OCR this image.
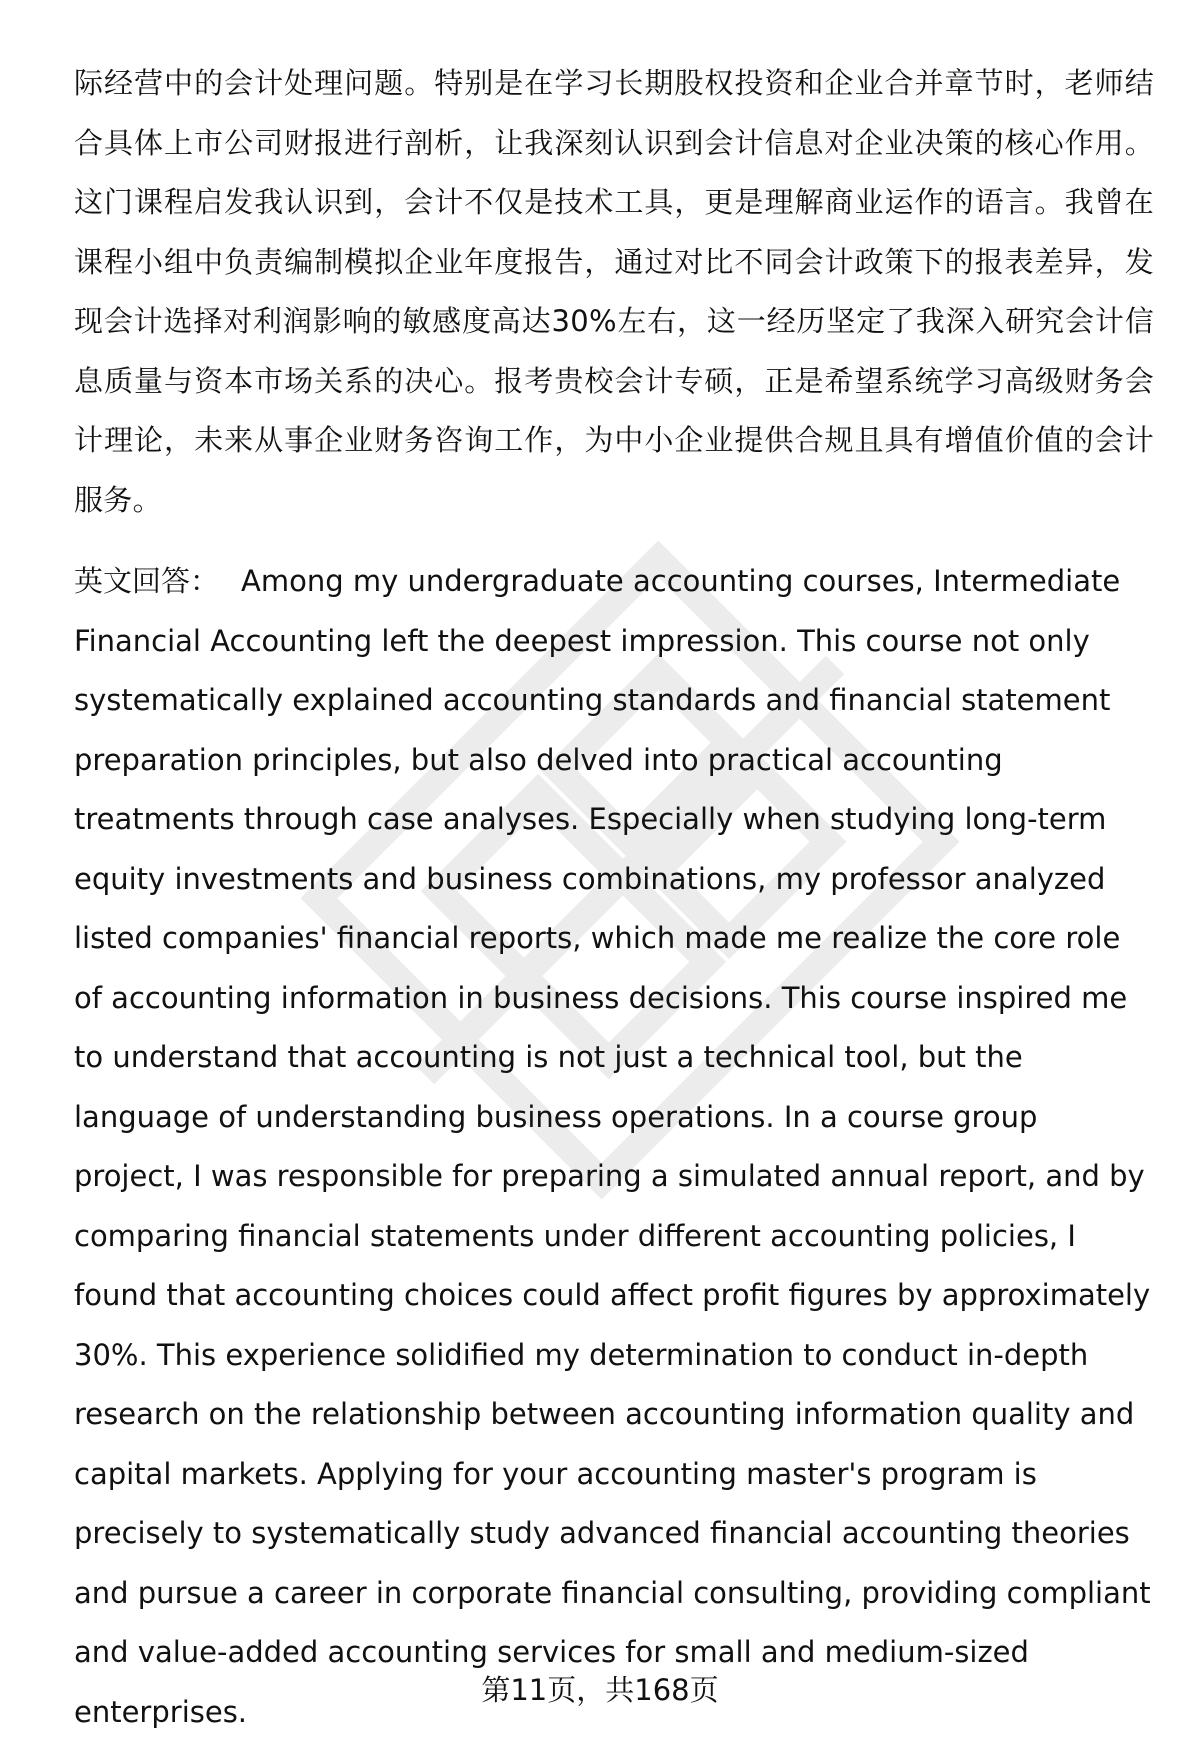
际经营中的会计处理问题。特别是在学习长期股权投资和企业合并章节时，老师结合具体上市公司财报进行剖析，让我深刻认识到会计信息对企业决策的核心作用。这门课程启发我认识到，会计不仅是技术工具，更是理解商业运作的语言。我曾在课程小组中负责编制模拟企业年度报告，通过对比不同会计政策下的报表差异，发现会计选择对利润影响的敏感度高达30%左右，这一经历坚定了我深入研究会计信息质量与资本市场关系的决心。报考贵校会计专硕，正是希望系统学习高级财务会计理论，未来从事企业财务咨询工作，为中小企业提供合规且具有增值价值的会计服务。

英文回答： Among my undergraduate accounting courses, Intermediate Financial Accounting left the deepest impression. This course not only systematically explained accounting standards and financial statement preparation principles, but also delved into practical accounting treatments through case analyses. Especially when studying long-term equity investments and business combinations, my professor analyzed listed companies' financial reports, which made me realize the core role of accounting information in business decisions. This course inspired me to understand that accounting is not just a technical tool, but the language of understanding business operations. In a course group project, I was responsible for preparing a simulated annual report, and by comparing financial statements under different accounting policies, I found that accounting choices could affect profit figures by approximately 30%. This experience solidified my determination to conduct in-depth research on the relationship between accounting information quality and capital markets. Applying for your accounting master's program is precisely to systematically study advanced financial accounting theories and pursue a career in corporate financial consulting, providing compliant and value-added accounting services for small and medium-sized enterprises.

第11页，共168页
